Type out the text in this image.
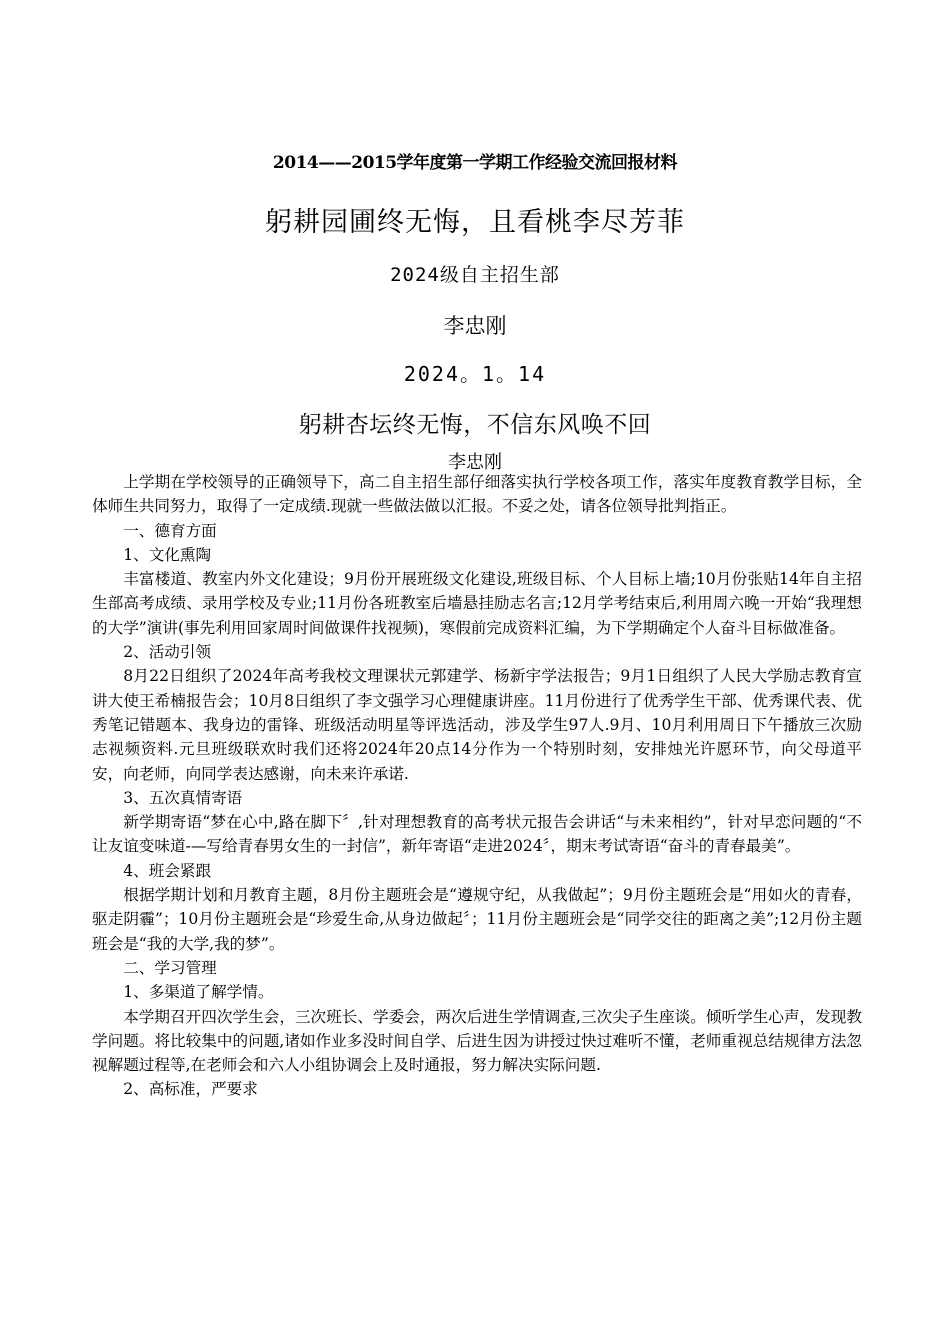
2014——2015学年度第一学期工作经验交流回报材料
躬耕园圃终无悔，且看桃李尽芳菲
2024级自主招生部
李忠刚
2024。1。14
躬耕杏坛终无悔，不信东风唤不回
李忠刚

上学期在学校领导的正确领导下，高二自主招生部仔细落实执行学校各项工作，落实年度教育教学目标，全体师生共同努力，取得了一定成绩.现就一些做法做以汇报。不妥之处，请各位领导批判指正。

一、德育方面

1、文化熏陶

丰富楼道、教室内外文化建设；9月份开展班级文化建设,班级目标、个人目标上墙;10月份张贴14年自主招生部高考成绩、录用学校及专业;11月份各班教室后墙悬挂励志名言;12月学考结束后,利用周六晚一开始“我理想的大学”演讲(事先利用回家周时间做课件找视频)，寒假前完成资料汇编，为下学期确定个人奋斗目标做准备。

2、活动引领

8月22日组织了2024年高考我校文理课状元郭建学、杨新宇学法报告；9月1日组织了人民大学励志教育宣讲大使王希楠报告会；10月8日组织了李文强学习心理健康讲座。11月份进行了优秀学生干部、优秀课代表、优秀笔记错题本、我身边的雷锋、班级活动明星等评选活动，涉及学生97人.9月、10月利用周日下午播放三次励志视频资料.元旦班级联欢时我们还将2024年20点14分作为一个特别时刻，安排烛光许愿环节，向父母道平安，向老师，向同学表达感谢，向未来许承诺.

3、五次真情寄语

新学期寄语“梦在心中,路在脚下〞,针对理想教育的高考状元报告会讲话“与未来相约”，针对早恋问题的“不让友谊变味道-—写给青春男女生的一封信”，新年寄语“走进2024〞，期末考试寄语“奋斗的青春最美”。

4、班会紧跟

根据学期计划和月教育主题，8月份主题班会是“遵规守纪，从我做起”；9月份主题班会是“用如火的青春，驱走阴霾”；10月份主题班会是“珍爱生命,从身边做起〞；11月份主题班会是“同学交往的距离之美”;12月份主题班会是“我的大学,我的梦”。

二、学习管理

1、多渠道了解学情。

本学期召开四次学生会，三次班长、学委会，两次后进生学情调查,三次尖子生座谈。倾听学生心声，发现教学问题。将比较集中的问题,诸如作业多没时间自学、后进生因为讲授过快过难听不懂，老师重视总结规律方法忽视解题过程等,在老师会和六人小组协调会上及时通报，努力解决实际问题.

2、高标准，严要求
